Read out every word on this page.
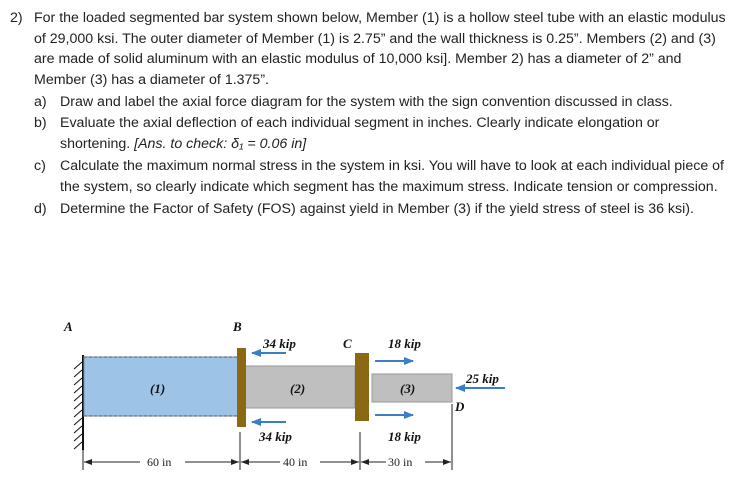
2) For the loaded segmented bar system shown below, Member (1) is a hollow steel tube with an elastic modulus of 29,000 ksi. The outer diameter of Member (1) is 2.75” and the wall thickness is 0.25”. Members (2) and (3) are made of solid aluminum with an elastic modulus of 10,000 ksi]. Member 2) has a diameter of 2” and Member (3) has a diameter of 1.375”.
a) Draw and label the axial force diagram for the system with the sign convention discussed in class.
b) Evaluate the axial deflection of each individual segment in inches. Clearly indicate elongation or shortening. [Ans. to check: δ₁ = 0.06 in]
c) Calculate the maximum normal stress in the system in ksi. You will have to look at each individual piece of the system, so clearly indicate which segment has the maximum stress. Indicate tension or compression.
d) Determine the Factor of Safety (FOS) against yield in Member (3) if the yield stress of steel is 36 ksi).
A	B
C
D
(1)	(2)	(3)
34 kip
34 kip
18 kip
18 kip
25 kip
60 in	40 in	30 in
